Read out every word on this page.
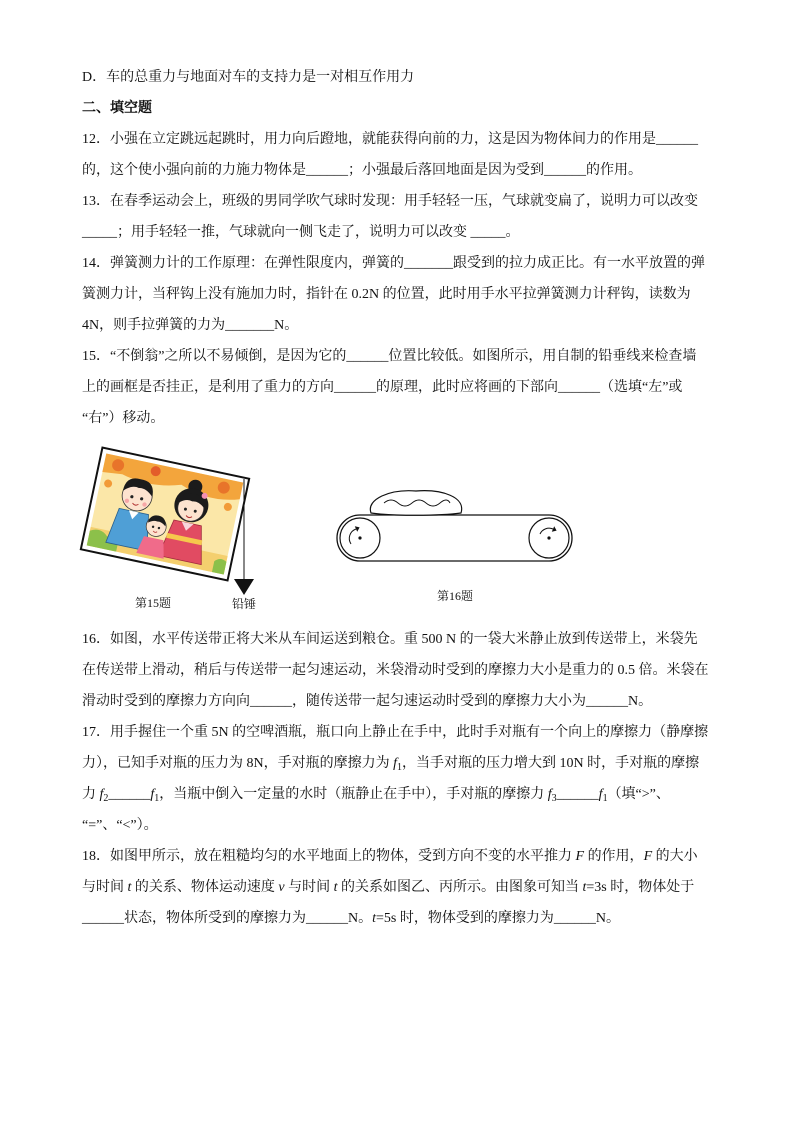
D．车的总重力与地面对车的支持力是一对相互作用力
二、填空题
12．小强在立定跳远起跳时，用力向后蹬地，就能获得向前的力，这是因为物体间力的作用是______
的，这个使小强向前的力施力物体是______；小强最后落回地面是因为受到______的作用。
13．在春季运动会上，班级的男同学吹气球时发现：用手轻轻一压，气球就变扁了，说明力可以改变
_____；用手轻轻一推，气球就向一侧飞走了，说明力可以改变 _____。
14．弹簧测力计的工作原理：在弹性限度内，弹簧的_______跟受到的拉力成正比。有一水平放置的弹
簧测力计，当秤钩上没有施加力时，指针在 0.2N 的位置，此时用手水平拉弹簧测力计秤钩，读数为
4N，则手拉弹簧的力为_______N。
15．“不倒翁”之所以不易倾倒，是因为它的______位置比较低。如图所示，用自制的铅垂线来检查墙
上的画框是否挂正，是利用了重力的方向______的原理，此时应将画的下部向______（选填“左”或
“右”）移动。
铅锤
第15题	第16题
16．如图，水平传送带正将大米从车间运送到粮仓。重 500 N 的一袋大米静止放到传送带上，米袋先
在传送带上滑动，稍后与传送带一起匀速运动，米袋滑动时受到的摩擦力大小是重力的 0.5 倍。米袋在
滑动时受到的摩擦力方向向______，随传送带一起匀速运动时受到的摩擦力大小为______N。
17．用手握住一个重 5N 的空啤酒瓶，瓶口向上静止在手中，此时手对瓶有一个向上的摩擦力（静摩擦
力），已知手对瓶的压力为 8N，手对瓶的摩擦力为 $f_1$，当手对瓶的压力增大到 10N 时，手对瓶的摩擦
力 $f_2\_\_\_\_\_\_f_1$，当瓶中倒入一定量的水时（瓶静止在手中），手对瓶的摩擦力 $f_3\_\_\_\_\_\_f_1$（填“>”、
“=”、“<”）。
18．如图甲所示，放在粗糙均匀的水平地面上的物体，受到方向不变的水平推力 F 的作用，F 的大小
与时间 t 的关系、物体运动速度 v 与时间 t 的关系如图乙、丙所示。由图象可知当 t=3s 时，物体处于
______状态，物体所受到的摩擦力为______N。t=5s 时，物体受到的摩擦力为______N。
